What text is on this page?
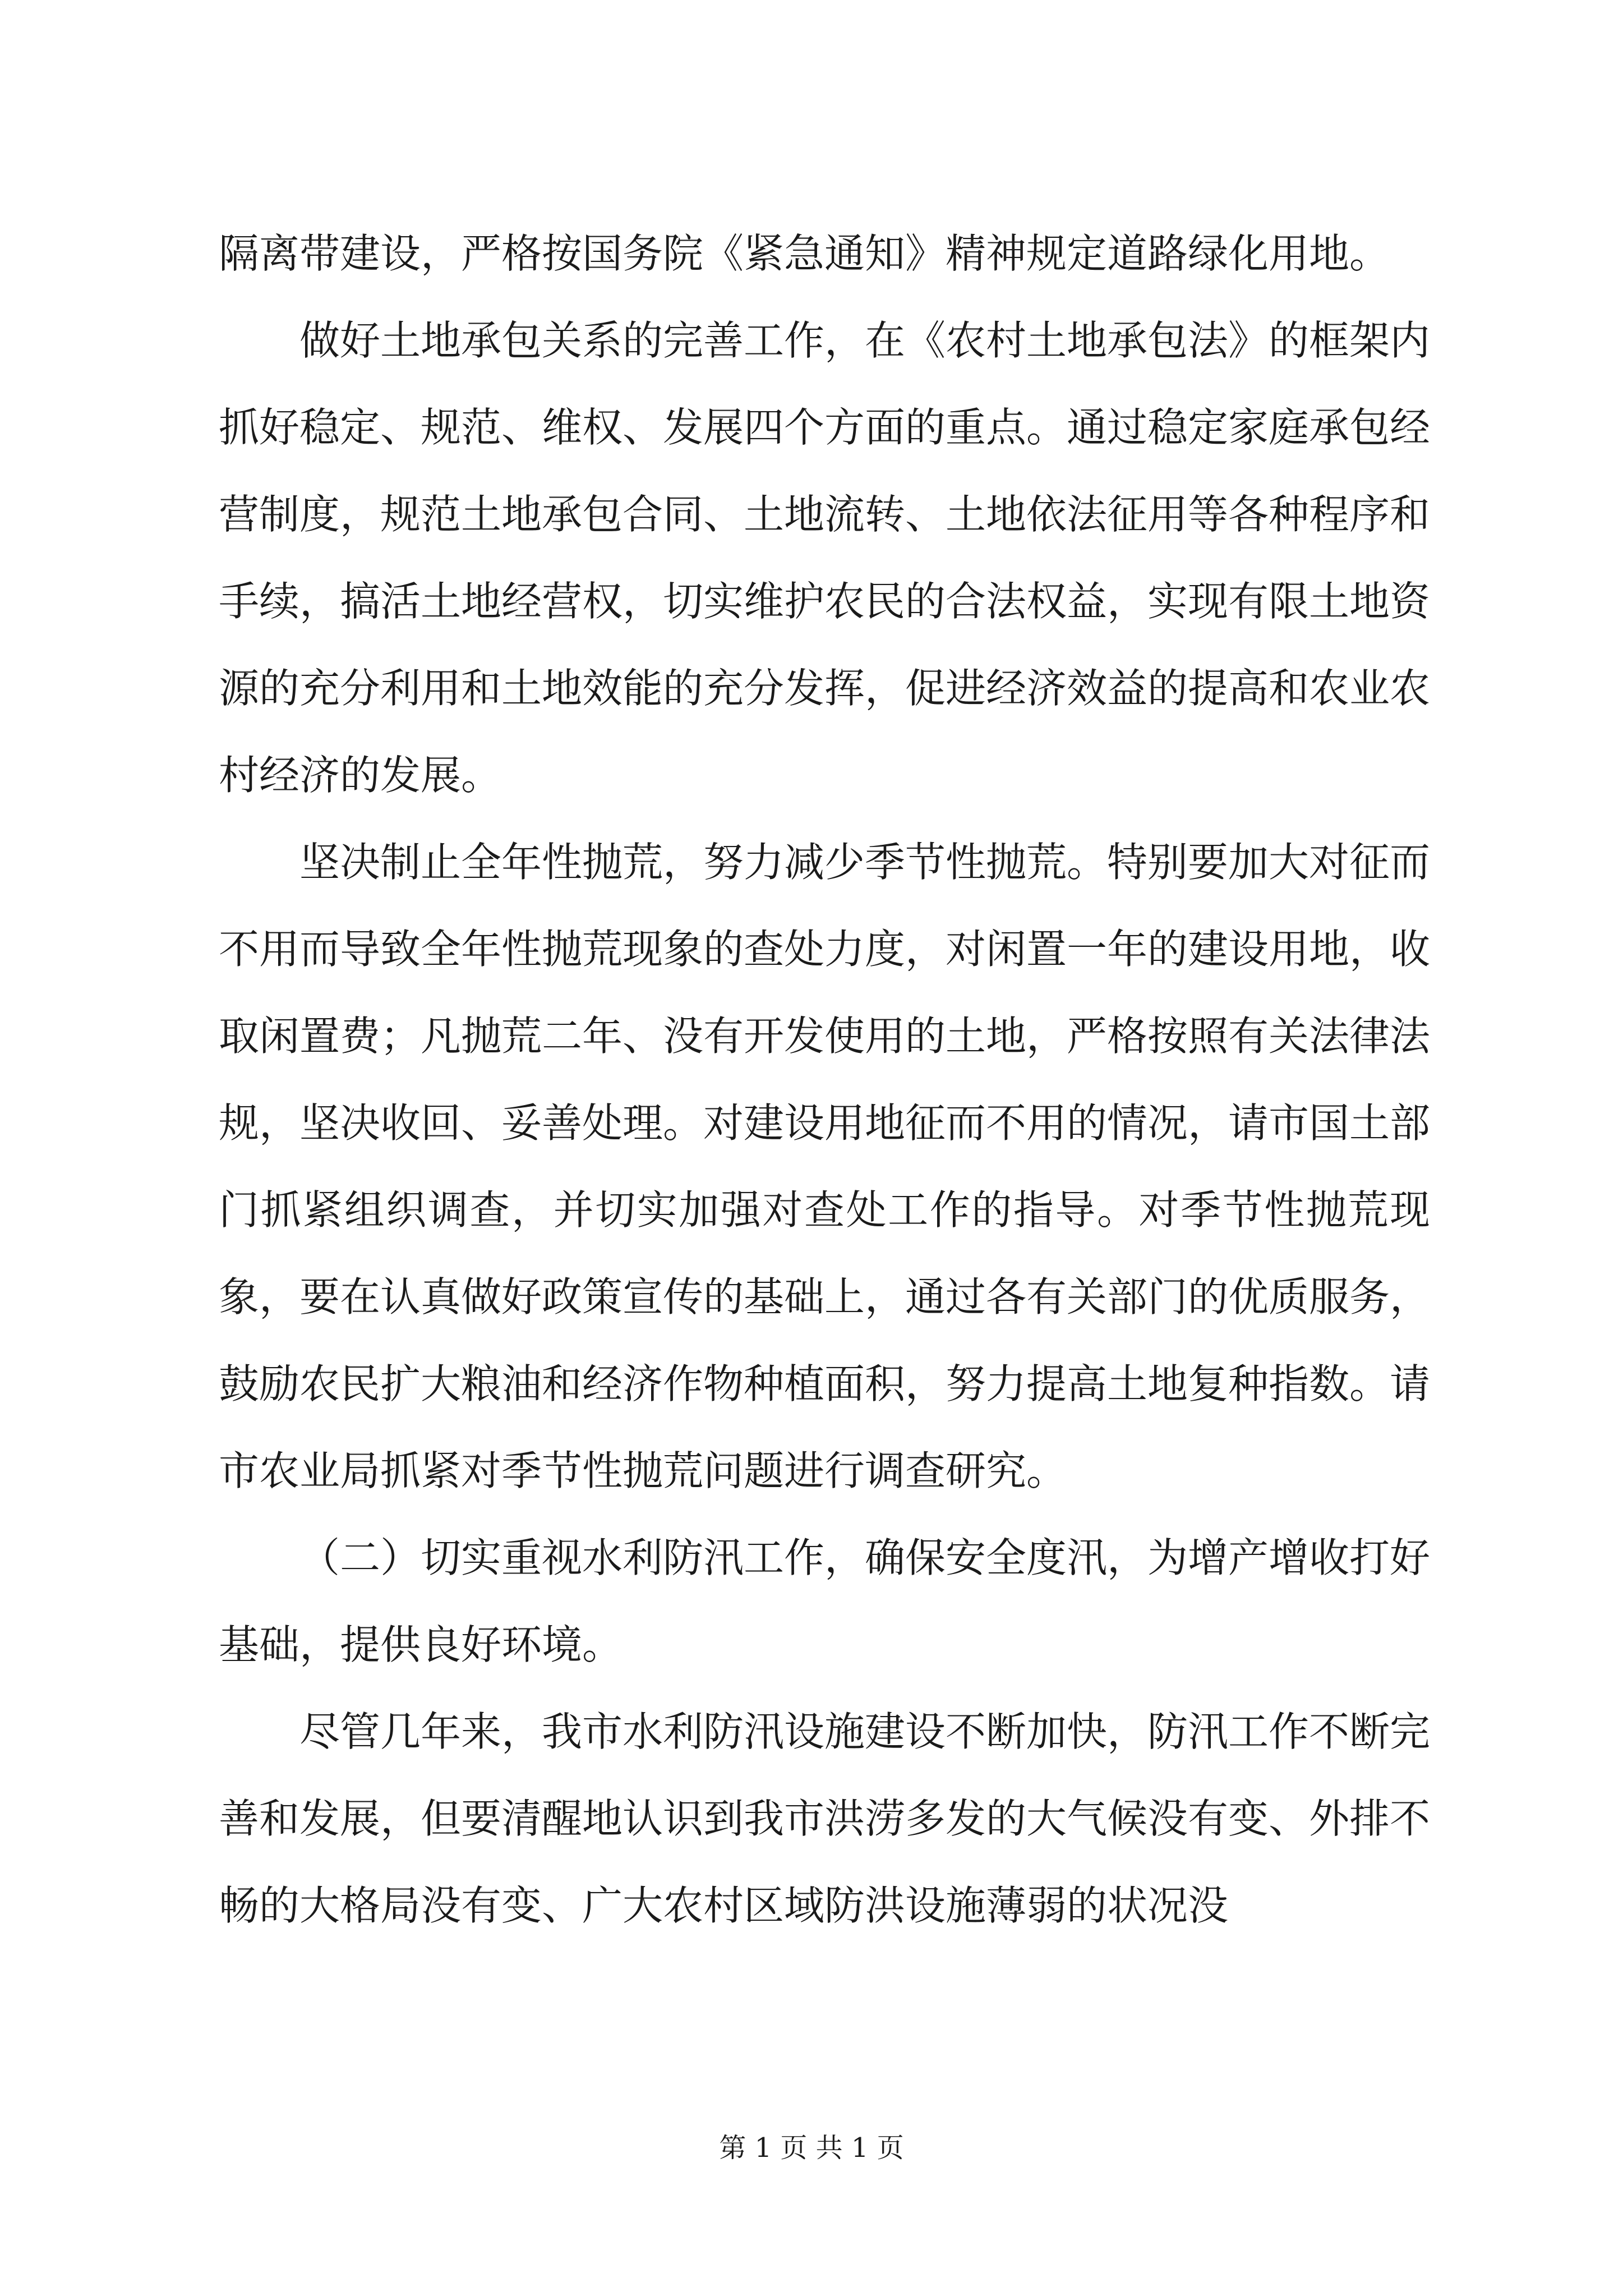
隔离带建设，严格按国务院《紧急通知》精神规定道路绿化用地。

做好土地承包关系的完善工作，在《农村土地承包法》的框架内抓好稳定、规范、维权、发展四个方面的重点。通过稳定家庭承包经营制度，规范土地承包合同、土地流转、土地依法征用等各种程序和手续，搞活土地经营权，切实维护农民的合法权益，实现有限土地资源的充分利用和土地效能的充分发挥，促进经济效益的提高和农业农村经济的发展。

坚决制止全年性抛荒，努力减少季节性抛荒。特别要加大对征而不用而导致全年性抛荒现象的查处力度，对闲置一年的建设用地，收取闲置费；凡抛荒二年、没有开发使用的土地，严格按照有关法律法规，坚决收回、妥善处理。对建设用地征而不用的情况，请市国土部门抓紧组织调查，并切实加强对查处工作的指导。对季节性抛荒现象，要在认真做好政策宣传的基础上，通过各有关部门的优质服务，鼓励农民扩大粮油和经济作物种植面积，努力提高土地复种指数。请市农业局抓紧对季节性抛荒问题进行调查研究。

（二）切实重视水利防汛工作，确保安全度汛，为增产增收打好基础，提供良好环境。

尽管几年来，我市水利防汛设施建设不断加快，防汛工作不断完善和发展，但要清醒地认识到我市洪涝多发的大气候没有变、外排不畅的大格局没有变、广大农村区域防洪设施薄弱的状况没

第 1 页 共 1 页
